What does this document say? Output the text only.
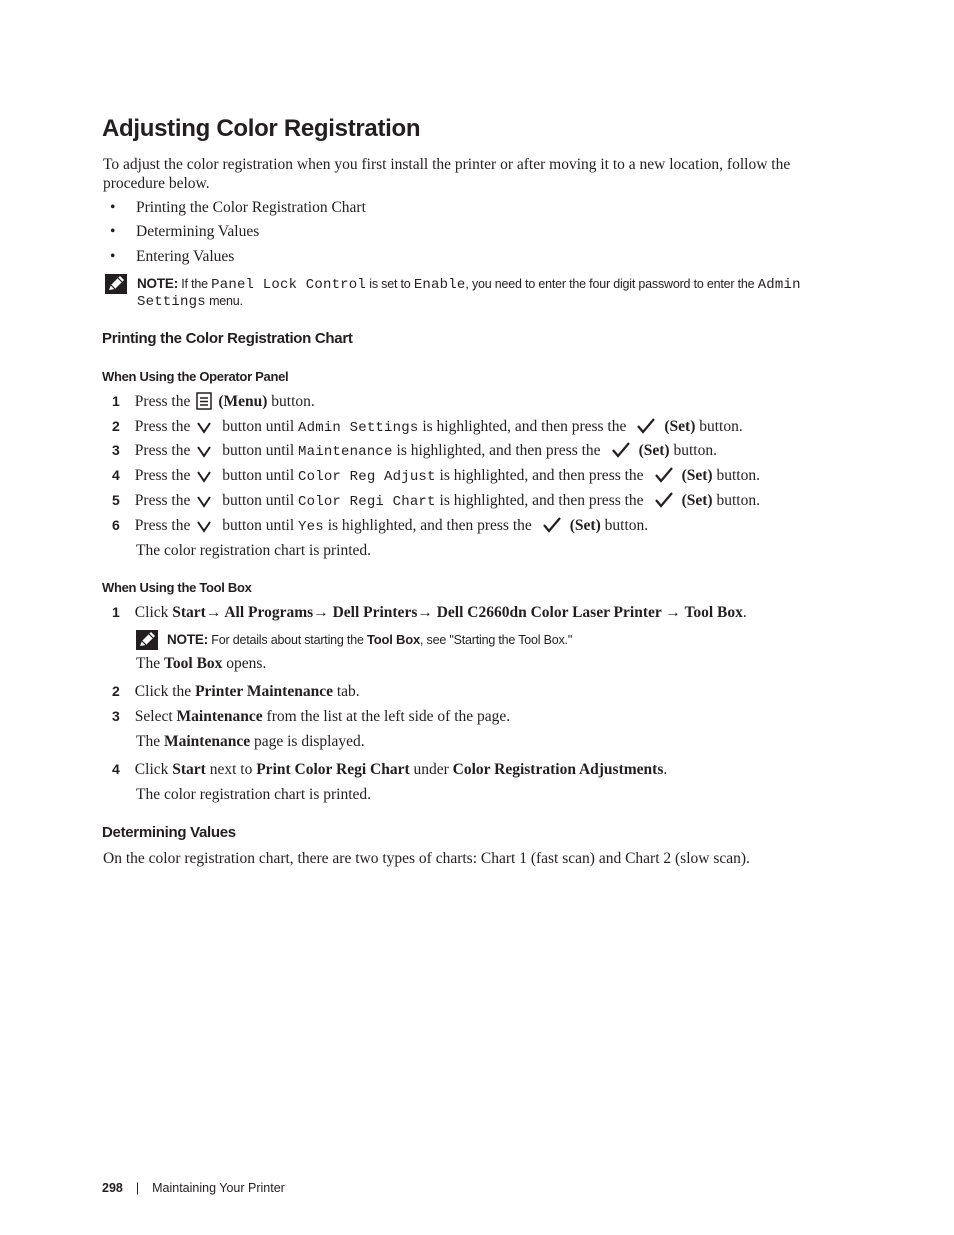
Adjusting Color Registration
To adjust the color registration when you first install the printer or after moving it to a new location, follow the
procedure below.
• Printing the Color Registration Chart
• Determining Values
• Entering Values
NOTE: If the Panel Lock Control is set to Enable, you need to enter the four digit password to enter the Admin
Settings menu.
Printing the Color Registration Chart
When Using the Operator Panel
1 Press the (Menu) button.
2 Press the button until Admin Settings is highlighted, and then press the (Set) button.
3 Press the button until Maintenance is highlighted, and then press the (Set) button.
4 Press the button until Color Reg Adjust is highlighted, and then press the (Set) button.
5 Press the button until Color Regi Chart is highlighted, and then press the (Set) button.
6 Press the button until Yes is highlighted, and then press the (Set) button.
The color registration chart is printed.
When Using the Tool Box
1 Click Start→ All Programs→ Dell Printers→ Dell C2660dn Color Laser Printer → Tool Box.
NOTE: For details about starting the Tool Box, see "Starting the Tool Box."
The Tool Box opens.
2 Click the Printer Maintenance tab.
3 Select Maintenance from the list at the left side of the page.
The Maintenance page is displayed.
4 Click Start next to Print Color Regi Chart under Color Registration Adjustments.
The color registration chart is printed.
Determining Values
On the color registration chart, there are two types of charts: Chart 1 (fast scan) and Chart 2 (slow scan).
298 | Maintaining Your Printer
